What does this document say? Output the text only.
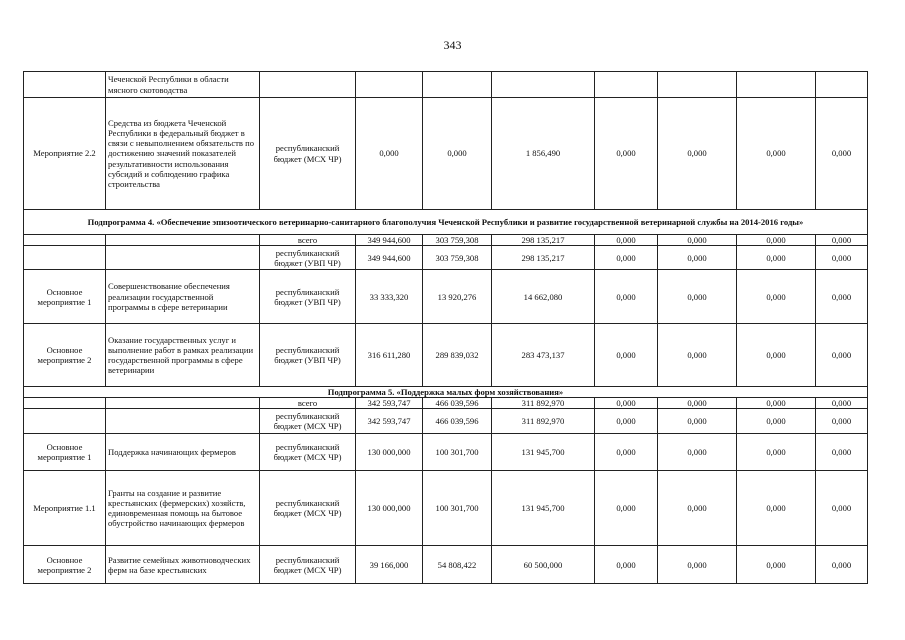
343
	Чеченской Республики в области мясного скотоводства								
Мероприятие 2.2	Средства из бюджета Чеченской Республики в федеральный бюджет в связи с невыполнением обязательств по достижению значений показателей результативности использования субсидий и соблюдению графика строительства	республиканский бюджет (МСХ ЧР)	0,000	0,000	1 856,490	0,000	0,000	0,000	0,000
Подпрограмма 4. «Обеспечение эпизоотического ветеринарно-санитарного благополучия Чеченской Республики и развитие государственной ветеринарной службы на 2014-2016 годы»									
		всего	349 944,600	303 759,308	298 135,217	0,000	0,000	0,000	0,000
		республиканский бюджет (УВП ЧР)	349 944,600	303 759,308	298 135,217	0,000	0,000	0,000	0,000
Основное мероприятие 1	Совершенствование обеспечения реализации государственной программы в сфере ветеринарии	республиканский бюджет (УВП ЧР)	33 333,320	13 920,276	14 662,080	0,000	0,000	0,000	0,000
Основное мероприятие 2	Оказание государственных услуг и выполнение работ в рамках реализации государственной программы в сфере ветеринарии	республиканский бюджет (УВП ЧР)	316 611,280	289 839,032	283 473,137	0,000	0,000	0,000	0,000
Подпрограмма 5. «Поддержка малых форм хозяйствования»									
		всего	342 593,747	466 039,596	311 892,970	0,000	0,000	0,000	0,000
		республиканский бюджет (МСХ ЧР)	342 593,747	466 039,596	311 892,970	0,000	0,000	0,000	0,000
Основное мероприятие 1	Поддержка начинающих фермеров	республиканский бюджет (МСХ ЧР)	130 000,000	100 301,700	131 945,700	0,000	0,000	0,000	0,000
Мероприятие 1.1	Гранты на создание и развитие крестьянских (фермерских) хозяйств, единовременная помощь на бытовое обустройство начинающих фермеров	республиканский бюджет (МСХ ЧР)	130 000,000	100 301,700	131 945,700	0,000	0,000	0,000	0,000
Основное мероприятие 2	Развитие семейных животноводческих ферм на базе крестьянских	республиканский бюджет (МСХ ЧР)	39 166,000	54 808,422	60 500,000	0,000	0,000	0,000	0,000
